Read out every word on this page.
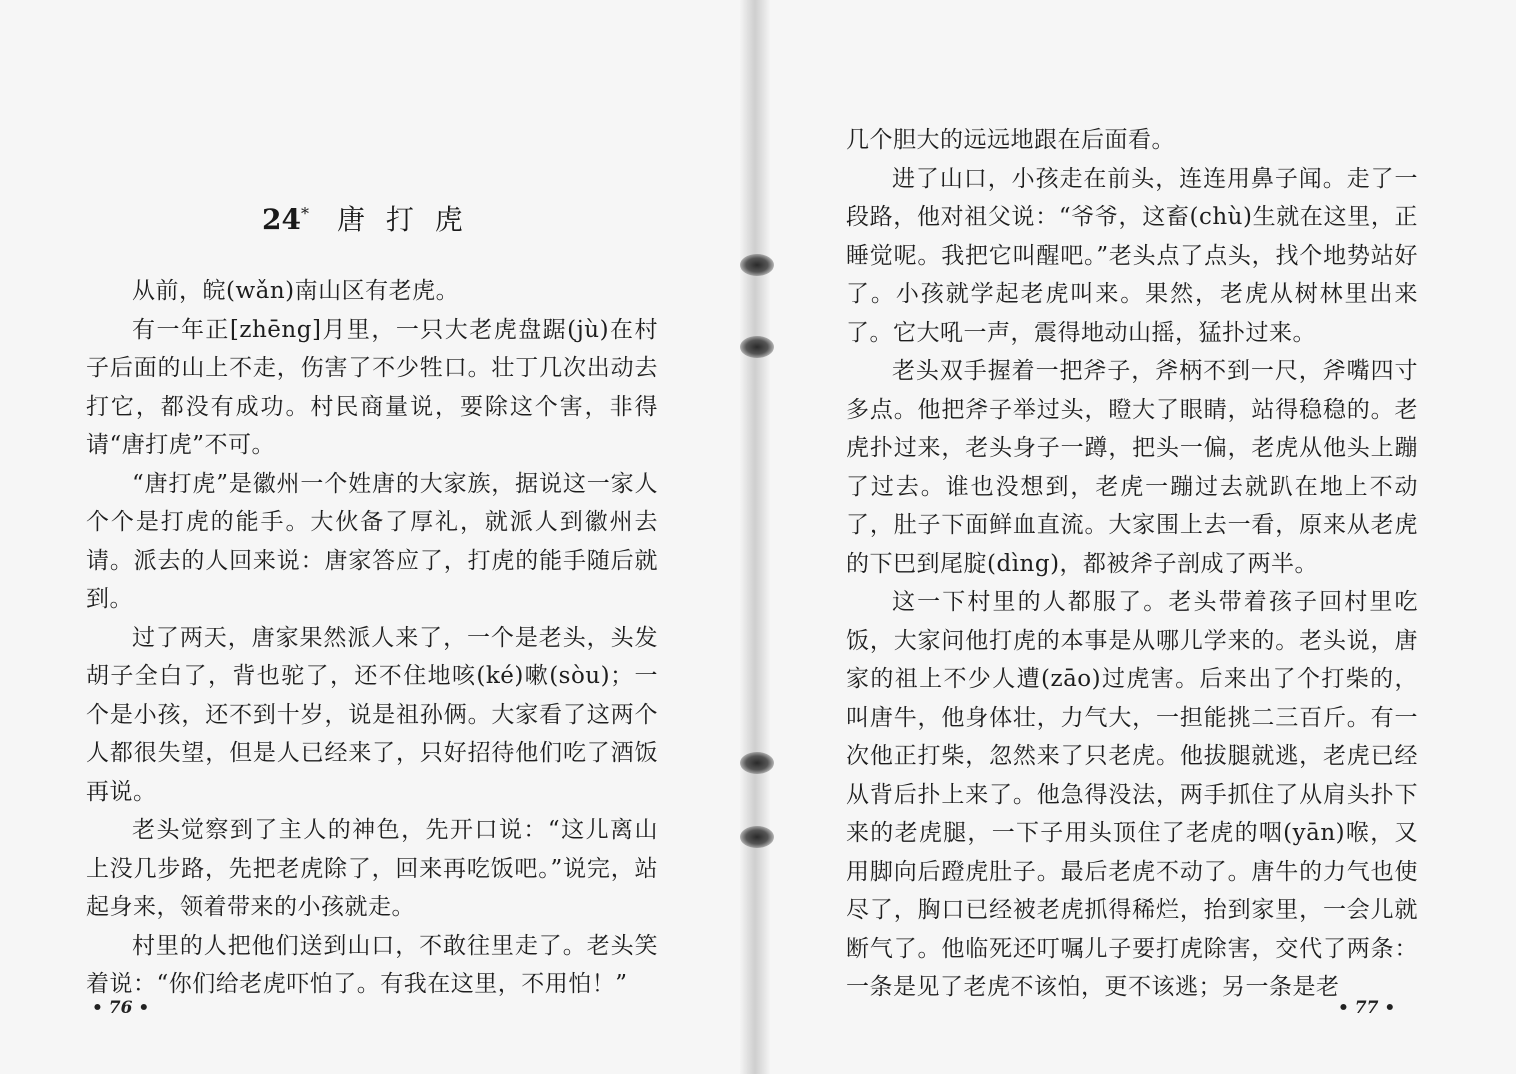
24* 唐 打 虎

从前，皖(wǎn)南山区有老虎。

有一年正[zhēng]月里，一只大老虎盘踞(jù)在村子后面的山上不走，伤害了不少牲口。壮丁几次出动去打它，都没有成功。村民商量说，要除这个害，非得请“唐打虎”不可。

“唐打虎”是徽州一个姓唐的大家族，据说这一家人个个是打虎的能手。大伙备了厚礼，就派人到徽州去请。派去的人回来说：唐家答应了，打虎的能手随后就到。

过了两天，唐家果然派人来了，一个是老头，头发胡子全白了，背也驼了，还不住地咳(ké)嗽(sòu)；一个是小孩，还不到十岁，说是祖孙俩。大家看了这两个人都很失望，但是人已经来了，只好招待他们吃了酒饭再说。

老头觉察到了主人的神色，先开口说：“这儿离山上没几步路，先把老虎除了，回来再吃饭吧。”说完，站起身来，领着带来的小孩就走。

村里的人把他们送到山口，不敢往里走了。老头笑着说：“你们给老虎吓怕了。有我在这里，不用怕！”

几个胆大的远远地跟在后面看。

进了山口，小孩走在前头，连连用鼻子闻。走了一段路，他对祖父说：“爷爷，这畜(chù)生就在这里，正睡觉呢。我把它叫醒吧。”老头点了点头，找个地势站好了。小孩就学起老虎叫来。果然，老虎从树林里出来了。它大吼一声，震得地动山摇，猛扑过来。

老头双手握着一把斧子，斧柄不到一尺，斧嘴四寸多点。他把斧子举过头，瞪大了眼睛，站得稳稳的。老虎扑过来，老头身子一蹲，把头一偏，老虎从他头上蹦了过去。谁也没想到，老虎一蹦过去就趴在地上不动了，肚子下面鲜血直流。大家围上去一看，原来从老虎的下巴到尾腚(dìng)，都被斧子剖成了两半。

这一下村里的人都服了。老头带着孩子回村里吃饭，大家问他打虎的本事是从哪儿学来的。老头说，唐家的祖上不少人遭(zāo)过虎害。后来出了个打柴的，叫唐牛，他身体壮，力气大，一担能挑二三百斤。有一次他正打柴，忽然来了只老虎。他拔腿就逃，老虎已经从背后扑上来了。他急得没法，两手抓住了从肩头扑下来的老虎腿，一下子用头顶住了老虎的咽(yān)喉，又用脚向后蹬虎肚子。最后老虎不动了。唐牛的力气也使尽了，胸口已经被老虎抓得稀烂，抬到家里，一会儿就断气了。他临死还叮嘱儿子要打虎除害，交代了两条：一条是见了老虎不该怕，更不该逃；另一条是老

• 76 •	• 77 •
